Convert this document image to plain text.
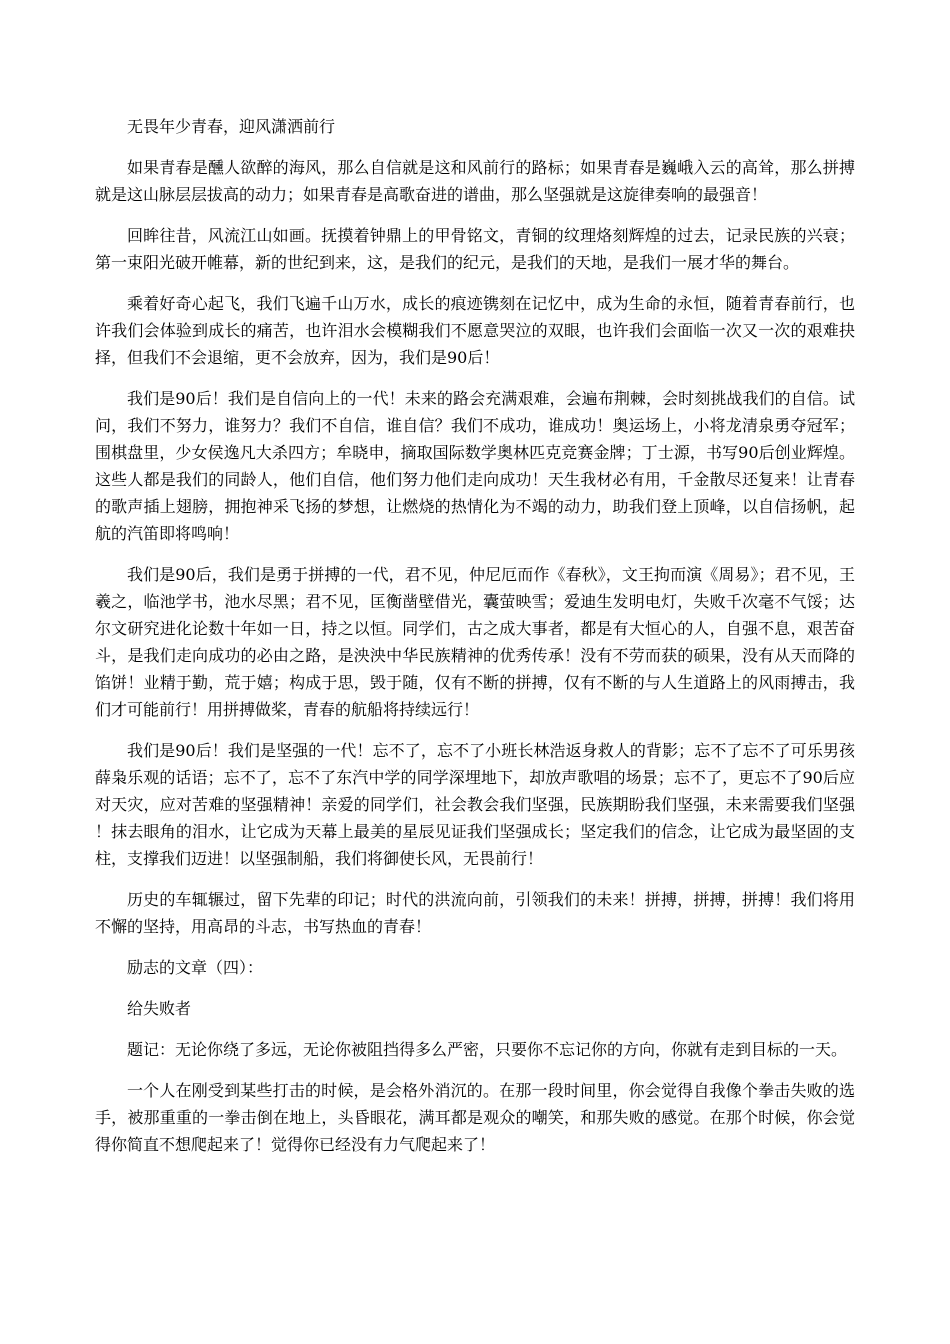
无畏年少青春，迎风潇洒前行

如果青春是醺人欲醉的海风，那么自信就是这和风前行的路标；如果青春是巍峨入云的高耸，那么拼搏就是这山脉层层拔高的动力；如果青春是高歌奋进的谱曲，那么坚强就是这旋律奏响的最强音！

回眸往昔，风流江山如画。抚摸着钟鼎上的甲骨铭文，青铜的纹理烙刻辉煌的过去，记录民族的兴衰；第一束阳光破开帷幕，新的世纪到来，这，是我们的纪元，是我们的天地，是我们一展才华的舞台。

乘着好奇心起飞，我们飞遍千山万水，成长的痕迹镌刻在记忆中，成为生命的永恒，随着青春前行，也许我们会体验到成长的痛苦，也许泪水会模糊我们不愿意哭泣的双眼，也许我们会面临一次又一次的艰难抉择，但我们不会退缩，更不会放弃，因为，我们是90后！

我们是90后！我们是自信向上的一代！未来的路会充满艰难，会遍布荆棘，会时刻挑战我们的自信。试问，我们不努力，谁努力？我们不自信，谁自信？我们不成功，谁成功！奥运场上，小将龙清泉勇夺冠军；围棋盘里，少女侯逸凡大杀四方；牟晓申，摘取国际数学奥林匹克竞赛金牌；丁士源，书写90后创业辉煌。这些人都是我们的同龄人，他们自信，他们努力他们走向成功！天生我材必有用，千金散尽还复来！让青春的歌声插上翅膀，拥抱神采飞扬的梦想，让燃烧的热情化为不竭的动力，助我们登上顶峰，以自信扬帆，起航的汽笛即将鸣响！

我们是90后，我们是勇于拼搏的一代，君不见，仲尼厄而作《春秋》，文王拘而演《周易》；君不见，王羲之，临池学书，池水尽黑；君不见，匡衡凿壁借光，囊萤映雪；爱迪生发明电灯，失败千次毫不气馁；达尔文研究进化论数十年如一日，持之以恒。同学们，古之成大事者，都是有大恒心的人，自强不息，艰苦奋斗，是我们走向成功的必由之路，是泱泱中华民族精神的优秀传承！没有不劳而获的硕果，没有从天而降的馅饼！业精于勤，荒于嬉；构成于思，毁于随，仅有不断的拼搏，仅有不断的与人生道路上的风雨搏击，我们才可能前行！用拼搏做桨，青春的航船将持续远行！

我们是90后！我们是坚强的一代！忘不了，忘不了小班长林浩返身救人的背影；忘不了忘不了可乐男孩薛枭乐观的话语；忘不了，忘不了东汽中学的同学深埋地下，却放声歌唱的场景；忘不了，更忘不了90后应对天灾，应对苦难的坚强精神！亲爱的同学们，社会教会我们坚强，民族期盼我们坚强，未来需要我们坚强！抹去眼角的泪水，让它成为天幕上最美的星辰见证我们坚强成长；坚定我们的信念，让它成为最坚固的支柱，支撑我们迈进！以坚强制船，我们将御使长风，无畏前行！

历史的车辄辗过，留下先辈的印记；时代的洪流向前，引领我们的未来！拼搏，拼搏，拼搏！我们将用不懈的坚持，用高昂的斗志，书写热血的青春！

励志的文章（四）：

给失败者

题记：无论你绕了多远，无论你被阻挡得多么严密，只要你不忘记你的方向，你就有走到目标的一天。

一个人在刚受到某些打击的时候，是会格外消沉的。在那一段时间里，你会觉得自我像个拳击失败的选手，被那重重的一拳击倒在地上，头昏眼花，满耳都是观众的嘲笑，和那失败的感觉。在那个时候，你会觉得你简直不想爬起来了！觉得你已经没有力气爬起来了！
